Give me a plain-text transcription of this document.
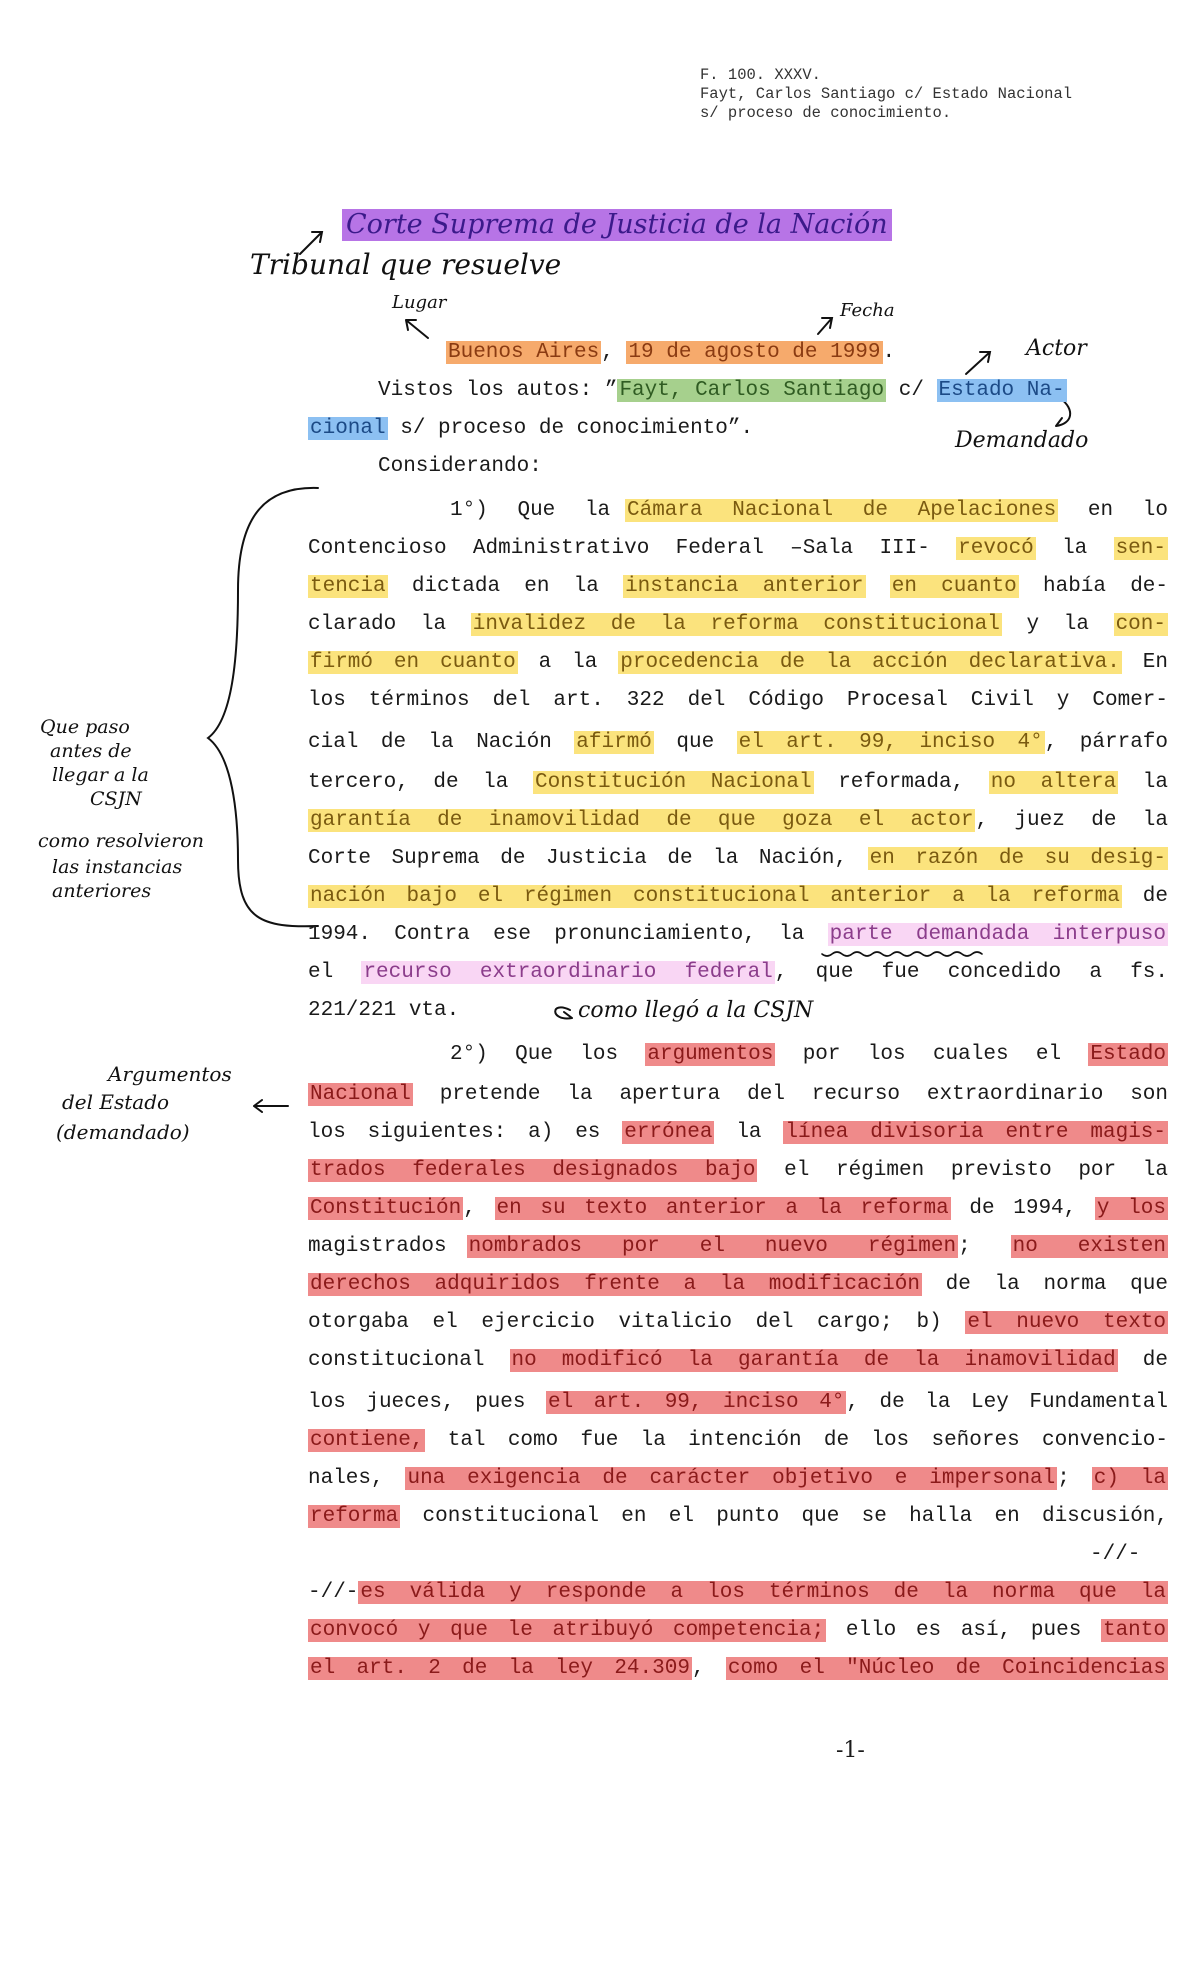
F. 100. XXXV.
Fayt, Carlos Santiago c/ Estado Nacional
s/ proceso de conocimiento.
Corte Suprema de Justicia de la Nación
Tribunal que resuelve
Lugar	Fecha
Actor
Demandado
Que paso
antes de
llegar a la
CSJN
como resolvieron
las instancias
anteriores
como llegó a la CSJN
Argumentos
del Estado
(demandado)
Buenos Aires, 19 de agosto de 1999.
Vistos los autos: ”Fayt, Carlos Santiago c/ Estado Na-
cional s/ proceso de conocimiento”.
Considerando:
1°)  Que  la Cámara  Nacional  de  Apelaciones  en  lo
Contencioso Administrativo Federal –Sala III- revocó la sen-
tencia dictada en la instancia anterior en cuanto había de-
clarado la invalidez de la reforma constitucional y la con-
firmó en cuanto a la procedencia de la acción declarativa. En
los términos del art. 322 del Código Procesal Civil y Comer-
cial de la Nación afirmó que el art. 99, inciso 4°, párrafo
tercero, de la Constitución Nacional reformada, no altera la
garantía de inamovilidad de que goza el actor, juez de la
Corte Suprema de Justicia de la Nación, en razón de su desig-
nación bajo el régimen constitucional anterior a la reforma de
1994. Contra ese pronunciamiento, la parte demandada interpuso
el recurso extraordinario federal, que fue concedido a fs.
221/221 vta.
2°)  Que  los  argumentos  por  los  cuales  el  Estado
Nacional pretende la apertura del recurso extraordinario son
los siguientes: a) es errónea la línea divisoria entre magis-
trados federales designados bajo el régimen previsto por la
Constitución, en su texto anterior a la reforma de 1994, y los
magistrados nombrados  por  el  nuevo  régimen;  no  existen
derechos adquiridos frente a la modificación de la norma que
otorgaba el ejercicio vitalicio del cargo; b) el nuevo texto
constitucional no modificó la garantía de la inamovilidad de
los jueces, pues el art. 99, inciso 4°, de la Ley Fundamental
contiene, tal como fue la intención de los señores convencio-
nales, una exigencia de carácter objetivo e impersonal; c) la
reforma constitucional en el punto que se halla en discusión,
-//-
-//-es válida y responde a los términos de la norma que la
convocó y que le atribuyó competencia; ello es así, pues tanto
el art. 2 de la ley 24.309, como el "Núcleo de Coincidencias
-1-
